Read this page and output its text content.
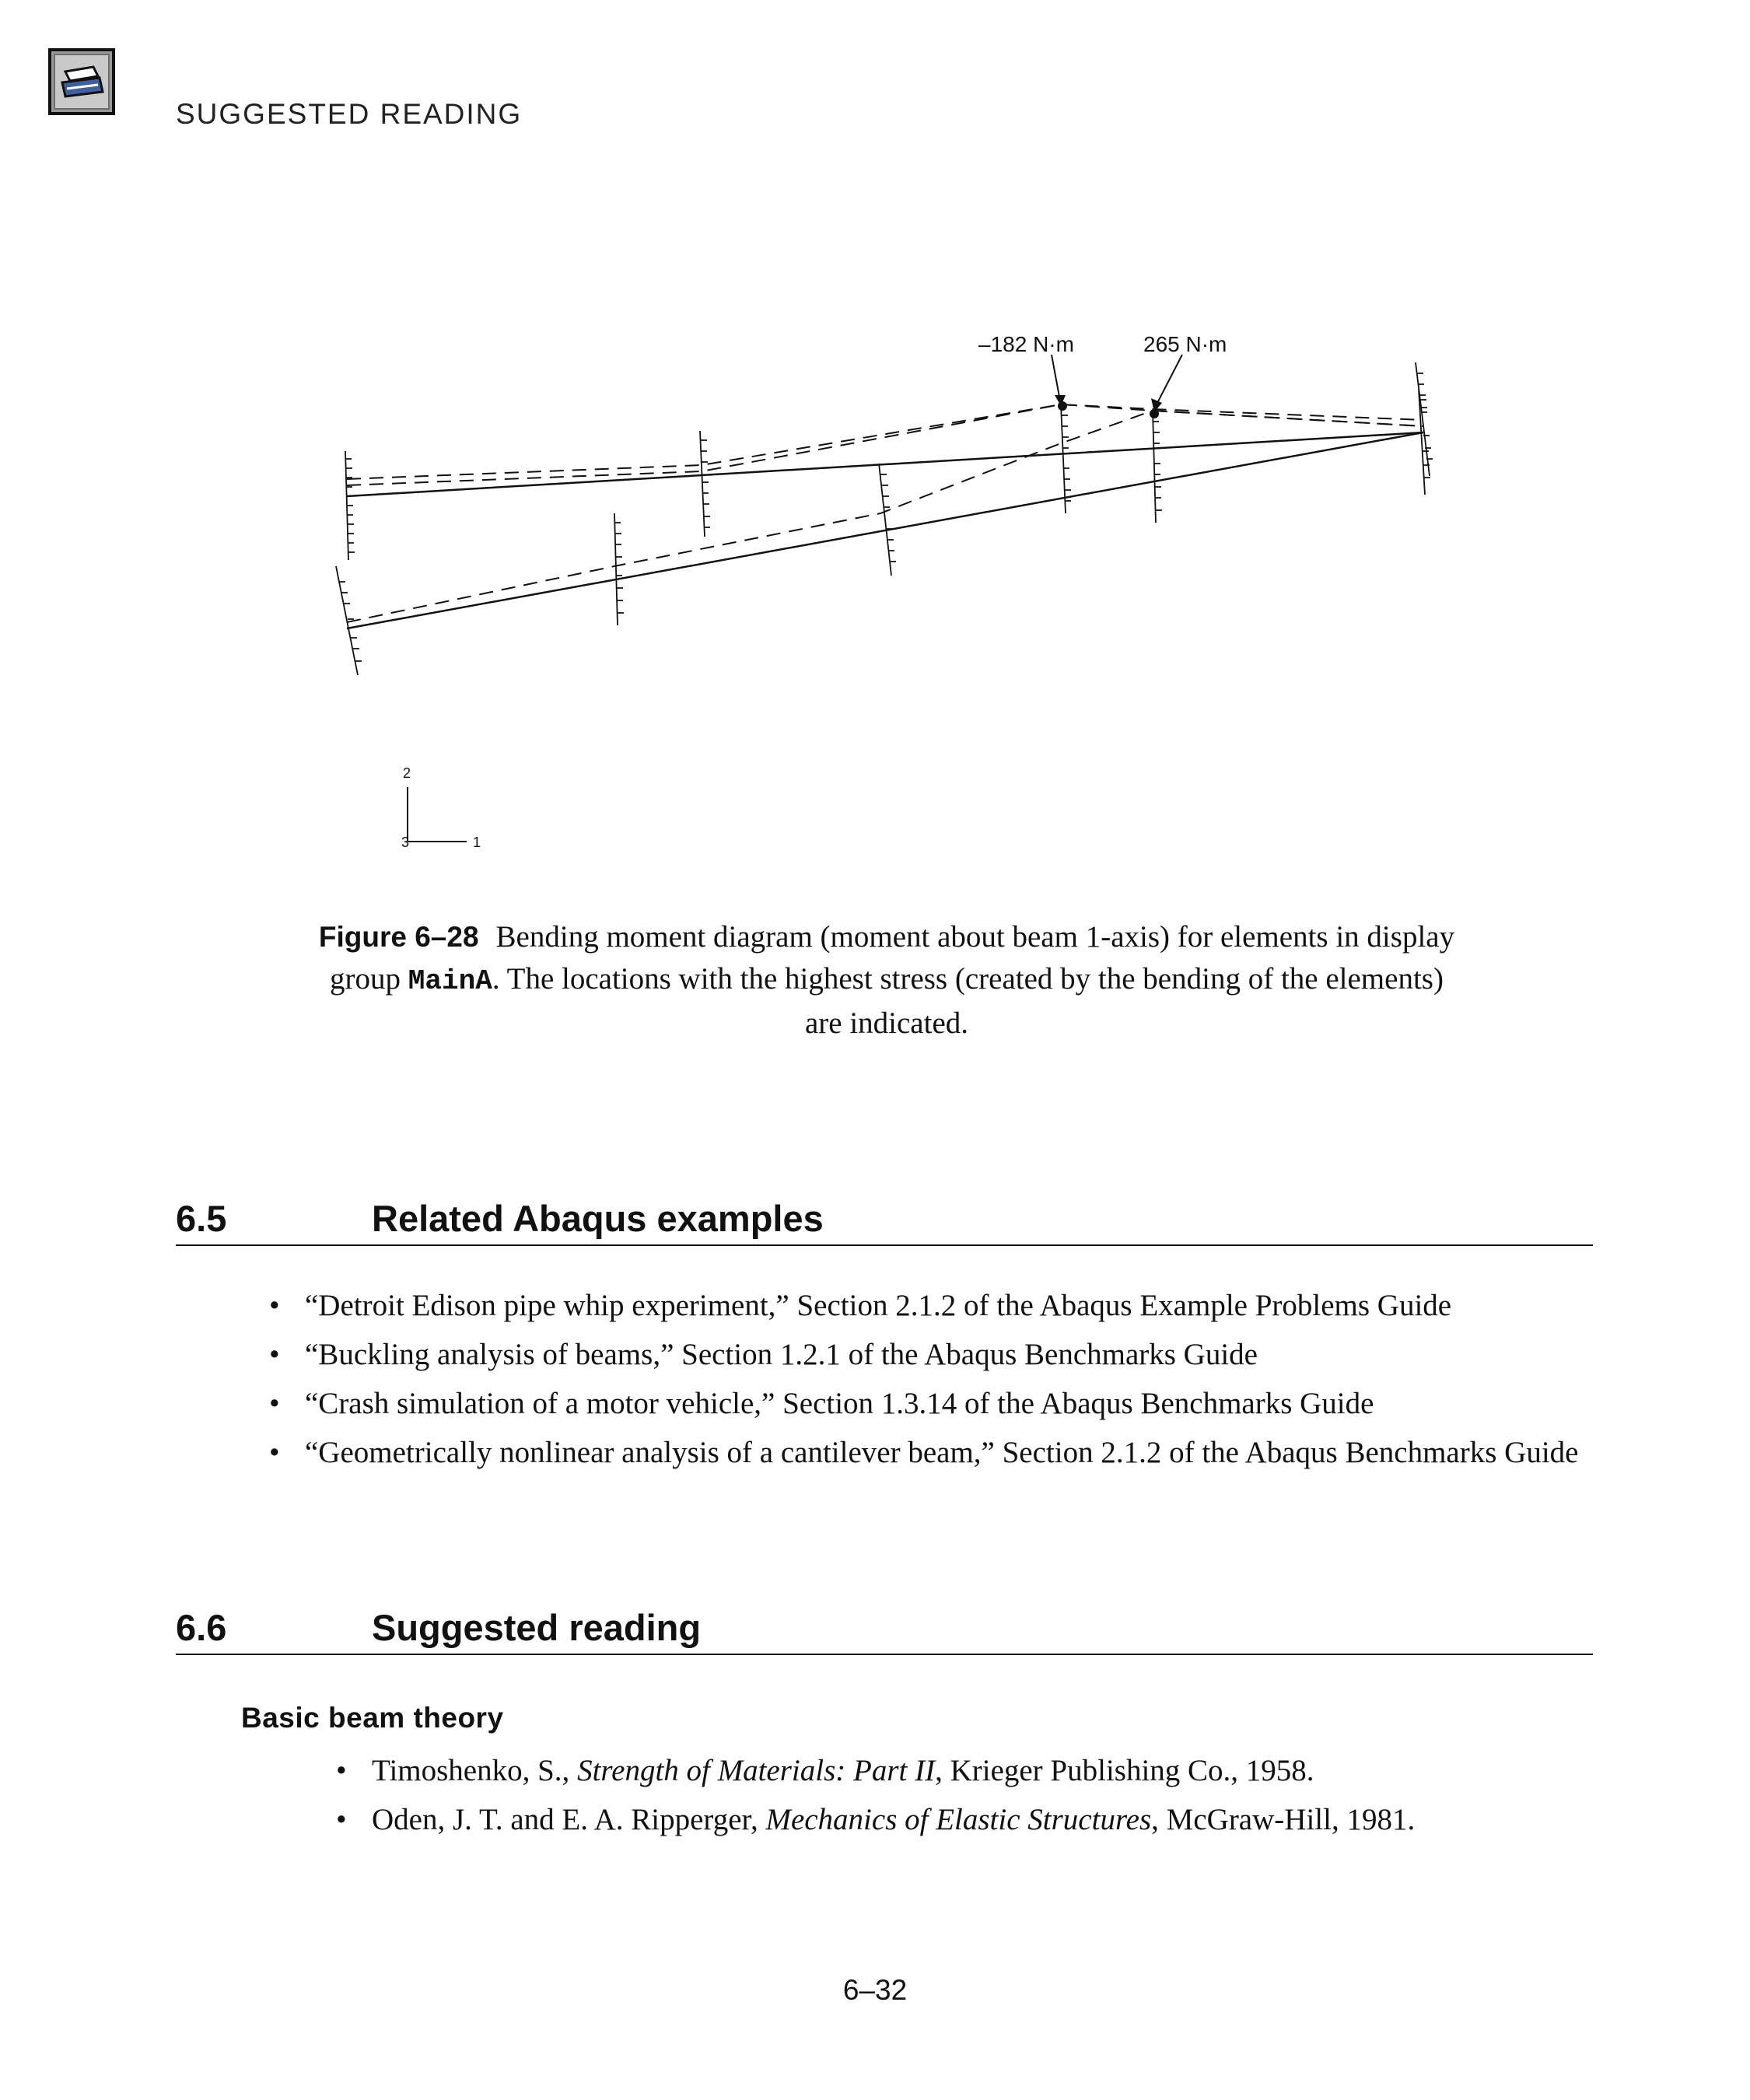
SUGGESTED READING
–182 N·m	265 N·m
2
1
3
Figure 6–28 Bending moment diagram (moment about beam 1-axis) for elements in display group MainA. The locations with the highest stress (created by the bending of the elements) are indicated.
6.5	Related Abaqus examples
• “Detroit Edison pipe whip experiment,” Section 2.1.2 of the Abaqus Example Problems Guide
• “Buckling analysis of beams,” Section 1.2.1 of the Abaqus Benchmarks Guide
• “Crash simulation of a motor vehicle,” Section 1.3.14 of the Abaqus Benchmarks Guide
• “Geometrically nonlinear analysis of a cantilever beam,” Section 2.1.2 of the Abaqus Benchmarks Guide
6.6	Suggested reading
Basic beam theory
• Timoshenko, S., Strength of Materials: Part II, Krieger Publishing Co., 1958.
• Oden, J. T. and E. A. Ripperger, Mechanics of Elastic Structures, McGraw-Hill, 1981.
6–32
